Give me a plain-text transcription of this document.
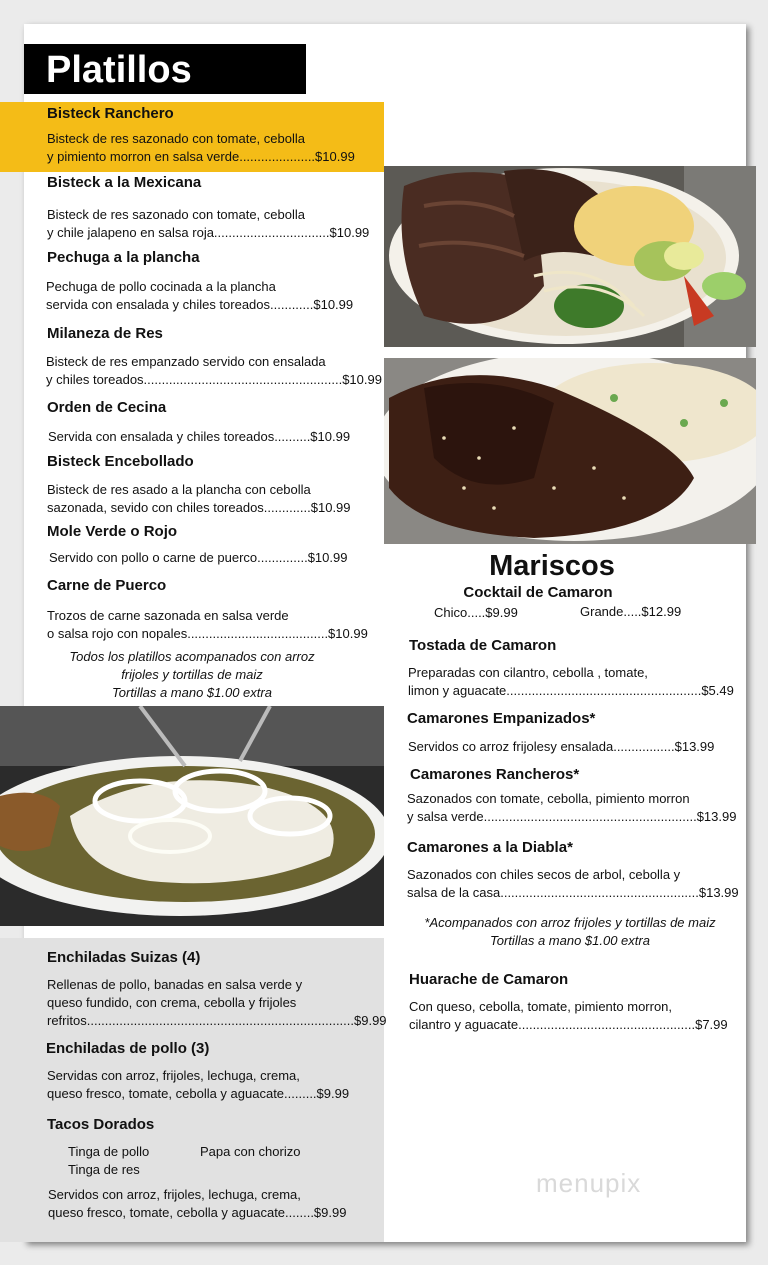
Platillos
Bisteck Ranchero
Bisteck de res sazonado con tomate, cebolla
y pimiento morron en salsa verde.....................$10.99
Bisteck a la Mexicana
Bisteck de res sazonado con tomate, cebolla
y chile jalapeno en salsa roja................................$10.99
Pechuga a la plancha
Pechuga de pollo cocinada a la plancha
servida con ensalada y chiles toreados............$10.99
Milaneza de Res
Bisteck de res empanzado servido con ensalada
y chiles toreados.......................................................$10.99
Orden de Cecina
Servida con ensalada y chiles toreados..........$10.99
Bisteck Encebollado
Bisteck de res asado a la plancha con cebolla
sazonada, sevido con chiles toreados.............$10.99
Mole Verde o Rojo
Servido con pollo o carne de puerco..............$10.99
Carne de Puerco
Trozos de carne sazonada en salsa verde
o salsa rojo con nopales.......................................$10.99
Todos los platillos acompanados con arroz
frijoles y tortillas de maiz
Tortillas a mano $1.00 extra
Enchiladas Suizas (4)
Rellenas de pollo, banadas en salsa verde y
queso fundido, con crema, cebolla y frijoles
refritos..........................................................................$9.99
Enchiladas de pollo (3)
Servidas con arroz, frijoles, lechuga, crema,
queso fresco, tomate, cebolla y aguacate.........$9.99
Tacos Dorados
Tinga de pollo	Papa con chorizo
Tinga de res
Servidos con arroz, frijoles, lechuga, crema,
queso fresco, tomate, cebolla y aguacate........$9.99
Mariscos
Cocktail de Camaron
Chico.....$9.99	Grande.....$12.99
Tostada de Camaron
Preparadas con cilantro, cebolla , tomate,
limon y aguacate......................................................$5.49
Camarones Empanizados*
Servidos co arroz frijolesy ensalada.................$13.99
Camarones Rancheros*
Sazonados con tomate, cebolla, pimiento morron
y salsa verde...........................................................$13.99
Camarones a la Diabla*
Sazonados con chiles secos de arbol, cebolla y
salsa de la casa.......................................................$13.99
*Acompanados con arroz frijoles y tortillas de maiz
Tortillas a mano $1.00 extra
Huarache de Camaron
Con queso, cebolla, tomate, pimiento morron,
cilantro y aguacate.................................................$7.99
menupix
